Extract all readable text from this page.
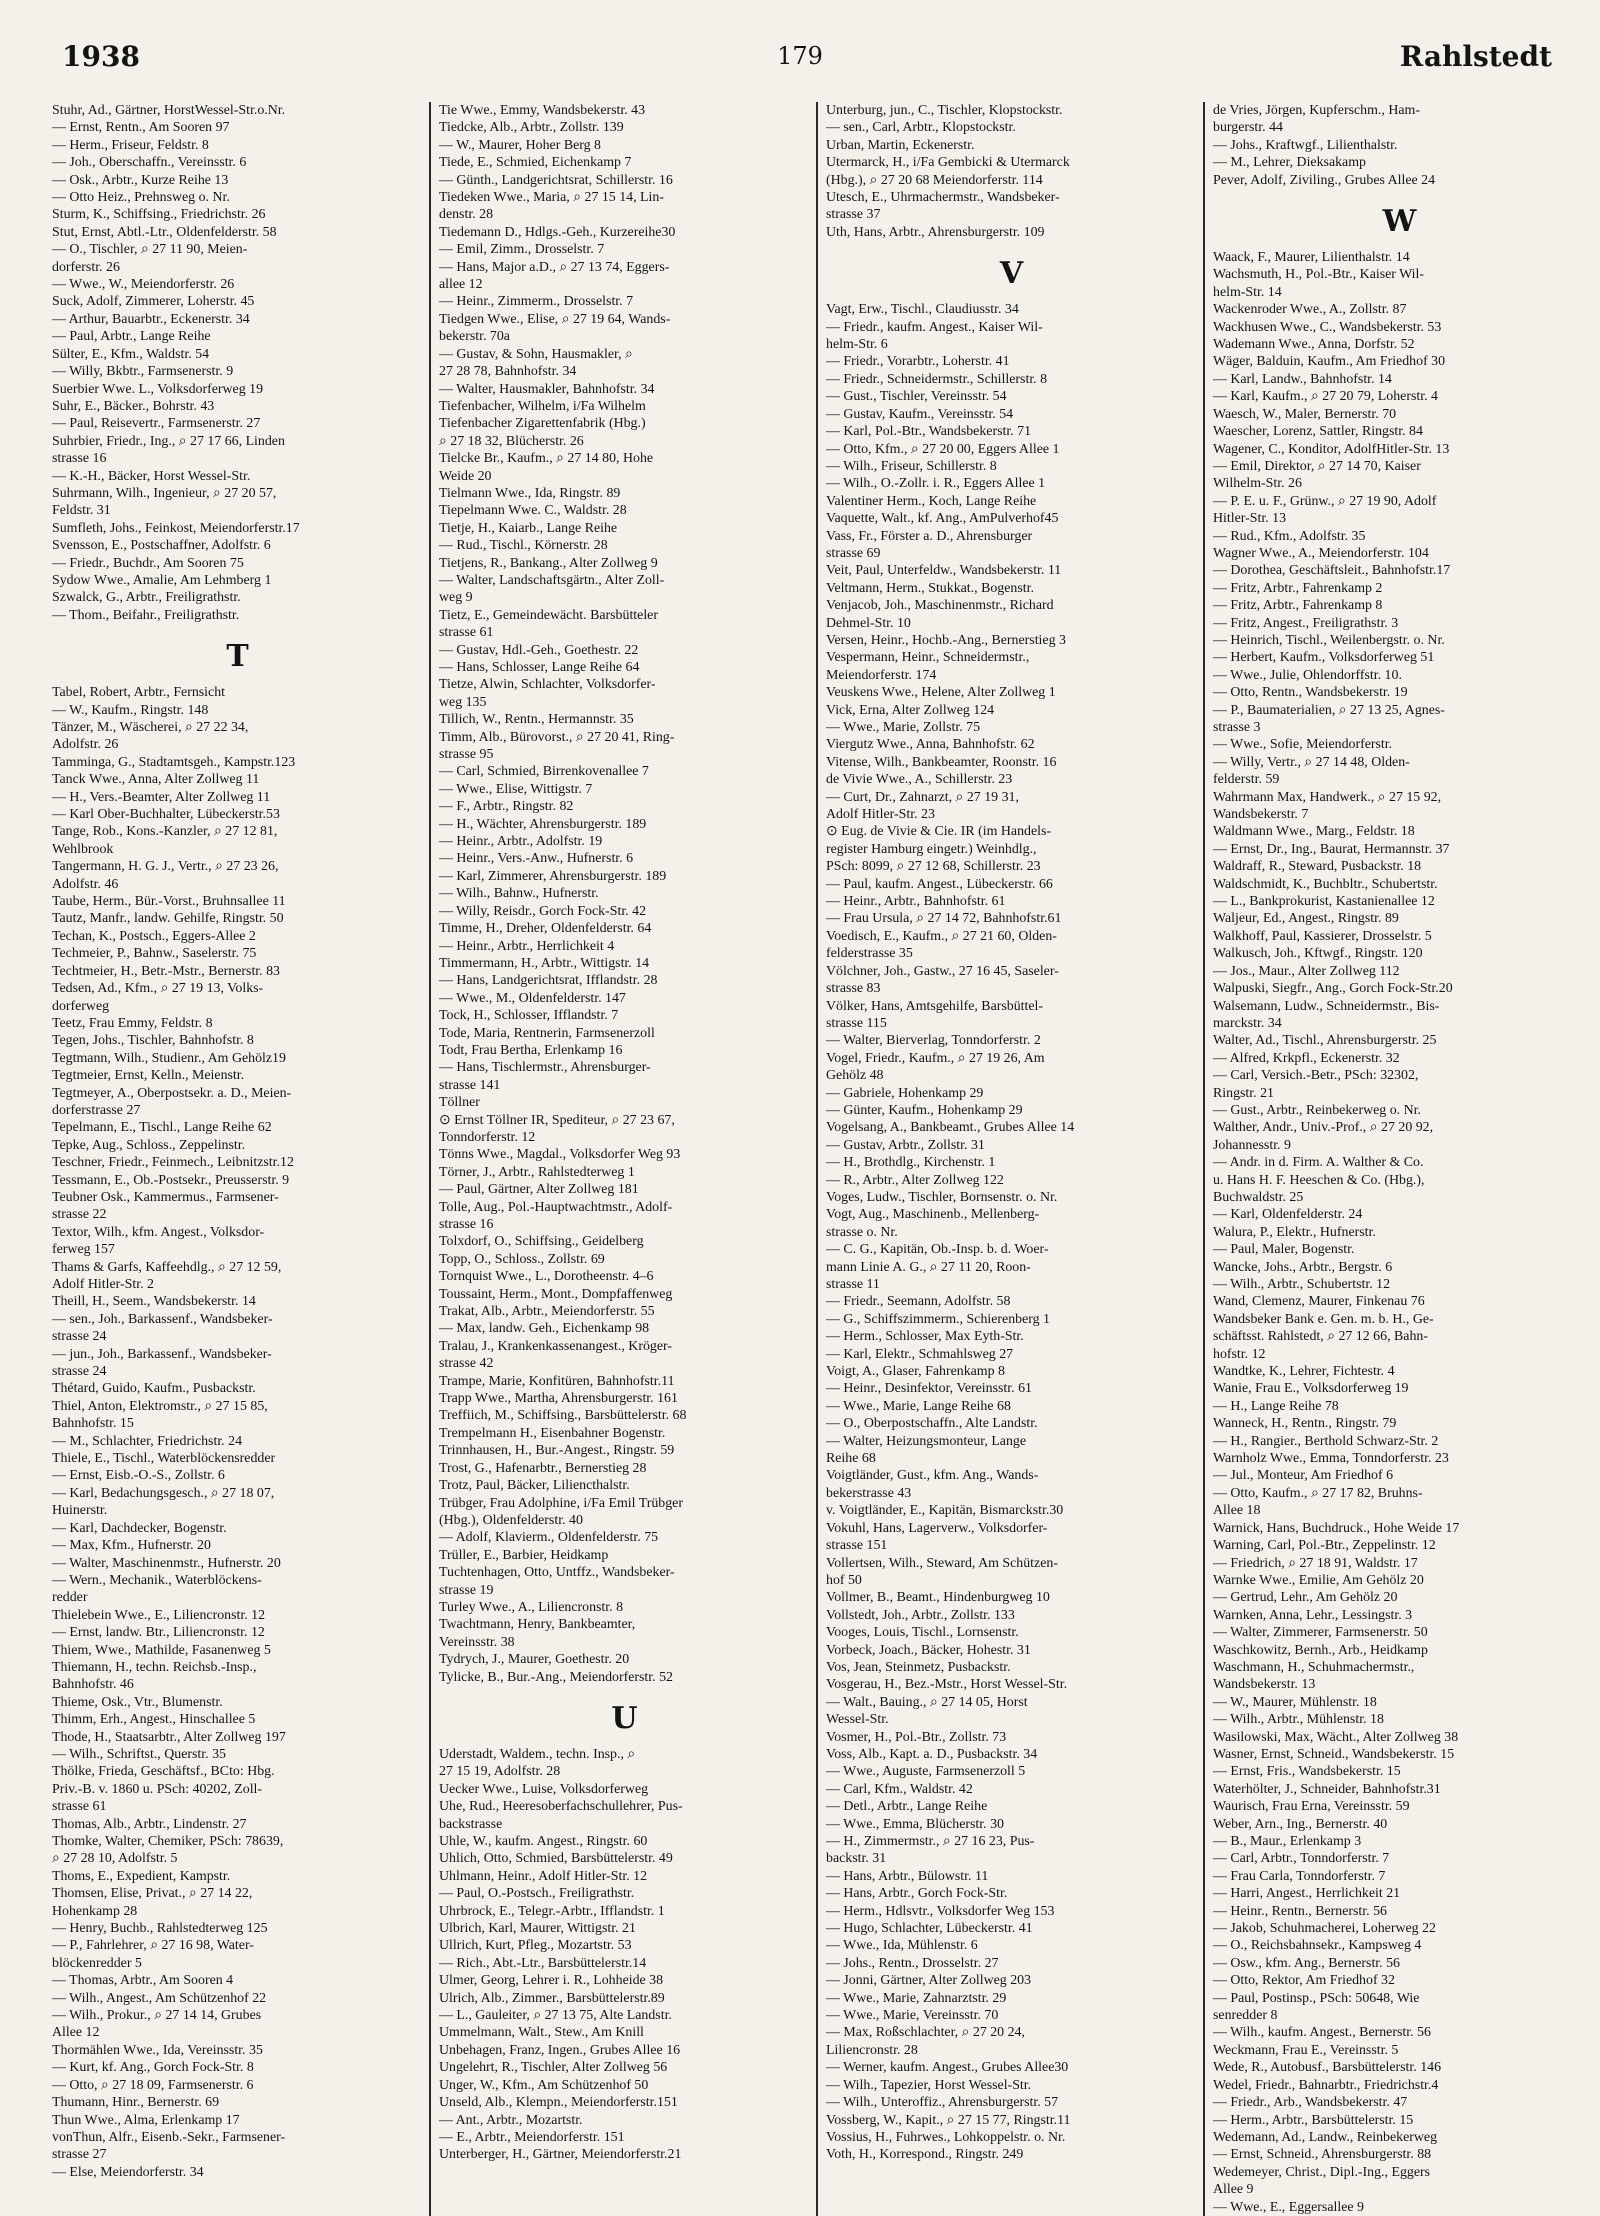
1938	179	Rahlstedt
Stuhr, Ad., Gärtner, HorstWessel-Str.o.Nr.
— Ernst, Rentn., Am Sooren 97
— Herm., Friseur, Feldstr. 8
— Joh., Oberschaffn., Vereinsstr. 6
— Osk., Arbtr., Kurze Reihe 13
— Otto Heiz., Prehnsweg o. Nr.
Sturm, K., Schiffsing., Friedrichstr. 26
Stut, Ernst, Abtl.-Ltr., Oldenfelderstr. 58
— O., Tischler, ⌕ 27 11 90, Meien-
dorferstr. 26
— Wwe., W., Meiendorferstr. 26
Suck, Adolf, Zimmerer, Loherstr. 45
— Arthur, Bauarbtr., Eckenerstr. 34
— Paul, Arbtr., Lange Reihe
Sülter, E., Kfm., Waldstr. 54
— Willy, Bkbtr., Farmsenerstr. 9
Suerbier Wwe. L., Volksdorferweg 19
Suhr, E., Bäcker., Bohrstr. 43
— Paul, Reisevertr., Farmsenerstr. 27
Suhrbier, Friedr., Ing., ⌕ 27 17 66, Linden
strasse 16
— K.-H., Bäcker, Horst Wessel-Str.
Suhrmann, Wilh., Ingenieur, ⌕ 27 20 57,
Feldstr. 31
Sumfleth, Johs., Feinkost, Meiendorferstr.17
Svensson, E., Postschaffner, Adolfstr. 6
— Friedr., Buchdr., Am Sooren 75
Sydow Wwe., Amalie, Am Lehmberg 1
Szwalck, G., Arbtr., Freiligrathstr.
— Thom., Beifahr., Freiligrathstr.
T
Tabel, Robert, Arbtr., Fernsicht
— W., Kaufm., Ringstr. 148
Tänzer, M., Wäscherei, ⌕ 27 22 34,
Adolfstr. 26
Tamminga, G., Stadtamtsgeh., Kampstr.123
Tanck Wwe., Anna, Alter Zollweg 11
— H., Vers.-Beamter, Alter Zollweg 11
— Karl Ober-Buchhalter, Lübeckerstr.53
Tange, Rob., Kons.-Kanzler, ⌕ 27 12 81,
Wehlbrook
Tangermann, H. G. J., Vertr., ⌕ 27 23 26,
Adolfstr. 46
Taube, Herm., Bür.-Vorst., Bruhnsallee 11
Tautz, Manfr., landw. Gehilfe, Ringstr. 50
Techan, K., Postsch., Eggers-Allee 2
Techmeier, P., Bahnw., Saselerstr. 75
Techtmeier, H., Betr.-Mstr., Bernerstr. 83
Tedsen, Ad., Kfm., ⌕ 27 19 13, Volks-
dorferweg
Teetz, Frau Emmy, Feldstr. 8
Tegen, Johs., Tischler, Bahnhofstr. 8
Tegtmann, Wilh., Studienr., Am Gehölz19
Tegtmeier, Ernst, Kelln., Meienstr.
Tegtmeyer, A., Oberpostsekr. a. D., Meien-
dorferstrasse 27
Tepelmann, E., Tischl., Lange Reihe 62
Tepke, Aug., Schloss., Zeppelinstr.
Teschner, Friedr., Feinmech., Leibnitzstr.12
Tessmann, E., Ob.-Postsekr., Preusserstr. 9
Teubner Osk., Kammermus., Farmsener-
strasse 22
Textor, Wilh., kfm. Angest., Volksdor-
ferweg 157
Thams & Garfs, Kaffeehdlg., ⌕ 27 12 59,
Adolf Hitler-Str. 2
Theill, H., Seem., Wandsbekerstr. 14
— sen., Joh., Barkassenf., Wandsbeker-
strasse 24
— jun., Joh., Barkassenf., Wandsbeker-
strasse 24
Thétard, Guido, Kaufm., Pusbackstr.
Thiel, Anton, Elektromstr., ⌕ 27 15 85,
Bahnhofstr. 15
— M., Schlachter, Friedrichstr. 24
Thiele, E., Tischl., Waterblöckensredder
— Ernst, Eisb.-O.-S., Zollstr. 6
— Karl, Bedachungsgesch., ⌕ 27 18 07,
Huinerstr.
— Karl, Dachdecker, Bogenstr.
— Max, Kfm., Hufnerstr. 20
— Walter, Maschinenmstr., Hufnerstr. 20
— Wern., Mechanik., Waterblöckens-
redder
Thielebein Wwe., E., Liliencronstr. 12
— Ernst, landw. Btr., Liliencronstr. 12
Thiem, Wwe., Mathilde, Fasanenweg 5
Thiemann, H., techn. Reichsb.-Insp.,
Bahnhofstr. 46
Thieme, Osk., Vtr., Blumenstr.
Thimm, Erh., Angest., Hinschallee 5
Thode, H., Staatsarbtr., Alter Zollweg 197
— Wilh., Schriftst., Querstr. 35
Thölke, Frieda, Geschäftsf., BCto: Hbg.
Priv.-B. v. 1860 u. PSch: 40202, Zoll-
strasse 61
Thomas, Alb., Arbtr., Lindenstr. 27
Thomke, Walter, Chemiker, PSch: 78639,
⌕ 27 28 10, Adolfstr. 5
Thoms, E., Expedient, Kampstr.
Thomsen, Elise, Privat., ⌕ 27 14 22,
Hohenkamp 28
— Henry, Buchb., Rahlstedterweg 125
— P., Fahrlehrer, ⌕ 27 16 98, Water-
blöckenredder 5
— Thomas, Arbtr., Am Sooren 4
— Wilh., Angest., Am Schützenhof 22
— Wilh., Prokur., ⌕ 27 14 14, Grubes
Allee 12
Thormählen Wwe., Ida, Vereinsstr. 35
— Kurt, kf. Ang., Gorch Fock-Str. 8
— Otto, ⌕ 27 18 09, Farmsenerstr. 6
Thumann, Hinr., Bernerstr. 69
Thun Wwe., Alma, Erlenkamp 17
vonThun, Alfr., Eisenb.-Sekr., Farmsener-
strasse 27
— Else, Meiendorferstr. 34
Tie Wwe., Emmy, Wandsbekerstr. 43
Tiedcke, Alb., Arbtr., Zollstr. 139
— W., Maurer, Hoher Berg 8
Tiede, E., Schmied, Eichenkamp 7
— Günth., Landgerichtsrat, Schillerstr. 16
Tiedeken Wwe., Maria, ⌕ 27 15 14, Lin-
denstr. 28
Tiedemann D., Hdlgs.-Geh., Kurzereihe30
— Emil, Zimm., Drosselstr. 7
— Hans, Major a.D., ⌕ 27 13 74, Eggers-
allee 12
— Heinr., Zimmerm., Drosselstr. 7
Tiedgen Wwe., Elise, ⌕ 27 19 64, Wands-
bekerstr. 70a
— Gustav, & Sohn, Hausmakler, ⌕
27 28 78, Bahnhofstr. 34
— Walter, Hausmakler, Bahnhofstr. 34
Tiefenbacher, Wilhelm, i/Fa Wilhelm
Tiefenbacher Zigarettenfabrik (Hbg.)
⌕ 27 18 32, Blücherstr. 26
Tielcke Br., Kaufm., ⌕ 27 14 80, Hohe
Weide 20
Tielmann Wwe., Ida, Ringstr. 89
Tiepelmann Wwe. C., Waldstr. 28
Tietje, H., Kaiarb., Lange Reihe
— Rud., Tischl., Körnerstr. 28
Tietjens, R., Bankang., Alter Zollweg 9
— Walter, Landschaftsgärtn., Alter Zoll-
weg 9
Tietz, E., Gemeindewächt. Barsbütteler
strasse 61
— Gustav, Hdl.-Geh., Goethestr. 22
— Hans, Schlosser, Lange Reihe 64
Tietze, Alwin, Schlachter, Volksdorfer-
weg 135
Tillich, W., Rentn., Hermannstr. 35
Timm, Alb., Bürovorst., ⌕ 27 20 41, Ring-
strasse 95
— Carl, Schmied, Birrenkovenallee 7
— Wwe., Elise, Wittigstr. 7
— F., Arbtr., Ringstr. 82
— H., Wächter, Ahrensburgerstr. 189
— Heinr., Arbtr., Adolfstr. 19
— Heinr., Vers.-Anw., Hufnerstr. 6
— Karl, Zimmerer, Ahrensburgerstr. 189
— Wilh., Bahnw., Hufnerstr.
— Willy, Reisdr., Gorch Fock-Str. 42
Timme, H., Dreher, Oldenfelderstr. 64
— Heinr., Arbtr., Herrlichkeit 4
Timmermann, H., Arbtr., Wittigstr. 14
— Hans, Landgerichtsrat, Ifflandstr. 28
— Wwe., M., Oldenfelderstr. 147
Tock, H., Schlosser, Ifflandstr. 7
Tode, Maria, Rentnerin, Farmsenerzoll
Todt, Frau Bertha, Erlenkamp 16
— Hans, Tischlermstr., Ahrensburger-
strasse 141
Töllner
⊙ Ernst Töllner IR, Spediteur, ⌕ 27 23 67,
Tonndorferstr. 12
Tönns Wwe., Magdal., Volksdorfer Weg 93
Törner, J., Arbtr., Rahlstedterweg 1
— Paul, Gärtner, Alter Zollweg 181
Tolle, Aug., Pol.-Hauptwachtmstr., Adolf-
strasse 16
Tolxdorf, O., Schiffsing., Geidelberg
Topp, O., Schloss., Zollstr. 69
Tornquist Wwe., L., Dorotheenstr. 4–6
Toussaint, Herm., Mont., Dompfaffenweg
Trakat, Alb., Arbtr., Meiendorferstr. 55
— Max, landw. Geh., Eichenkamp 98
Tralau, J., Krankenkassenangest., Kröger-
strasse 42
Trampe, Marie, Konfitüren, Bahnhofstr.11
Trapp Wwe., Martha, Ahrensburgerstr. 161
Treffiich, M., Schiffsing., Barsbüttelerstr. 68
Trempelmann H., Eisenbahner Bogenstr.
Trinnhausen, H., Bur.-Angest., Ringstr. 59
Trost, G., Hafenarbtr., Bernerstieg 28
Trotz, Paul, Bäcker, Liliencthalstr.
Trübger, Frau Adolphine, i/Fa Emil Trübger
(Hbg.), Oldenfelderstr. 40
— Adolf, Klavierm., Oldenfelderstr. 75
Trüller, E., Barbier, Heidkamp
Tuchtenhagen, Otto, Untffz., Wandsbeker-
strasse 19
Turley Wwe., A., Liliencronstr. 8
Twachtmann, Henry, Bankbeamter,
Vereinsstr. 38
Tydrych, J., Maurer, Goethestr. 20
Tylicke, B., Bur.-Ang., Meiendorferstr. 52
U
Uderstadt, Waldem., techn. Insp., ⌕
27 15 19, Adolfstr. 28
Uecker Wwe., Luise, Volksdorferweg
Uhe, Rud., Heeresoberfachschullehrer, Pus-
backstrasse
Uhle, W., kaufm. Angest., Ringstr. 60
Uhlich, Otto, Schmied, Barsbüttelerstr. 49
Uhlmann, Heinr., Adolf Hitler-Str. 12
— Paul, O.-Postsch., Freiligrathstr.
Uhrbrock, E., Telegr.-Arbtr., Ifflandstr. 1
Ulbrich, Karl, Maurer, Wittigstr. 21
Ullrich, Kurt, Pfleg., Mozartstr. 53
— Rich., Abt.-Ltr., Barsbüttelerstr.14
Ulmer, Georg, Lehrer i. R., Lohheide 38
Ulrich, Alb., Zimmer., Barsbüttelerstr.89
— L., Gauleiter, ⌕ 27 13 75, Alte Landstr.
Ummelmann, Walt., Stew., Am Knill
Unbehagen, Franz, Ingen., Grubes Allee 16
Ungelehrt, R., Tischler, Alter Zollweg 56
Unger, W., Kfm., Am Schützenhof 50
Unseld, Alb., Klempn., Meiendorferstr.151
— Ant., Arbtr., Mozartstr.
— E., Arbtr., Meiendorferstr. 151
Unterberger, H., Gärtner, Meiendorferstr.21
Unterburg, jun., C., Tischler, Klopstockstr.
— sen., Carl, Arbtr., Klopstockstr.
Urban, Martin, Eckenerstr.
Utermarck, H., i/Fa Gembicki & Utermarck
(Hbg.), ⌕ 27 20 68 Meiendorferstr. 114
Utesch, E., Uhrmachermstr., Wandsbeker-
strasse 37
Uth, Hans, Arbtr., Ahrensburgerstr. 109
V
Vagt, Erw., Tischl., Claudiusstr. 34
— Friedr., kaufm. Angest., Kaiser Wil-
helm-Str. 6
— Friedr., Vorarbtr., Loherstr. 41
— Friedr., Schneidermstr., Schillerstr. 8
— Gust., Tischler, Vereinsstr. 54
— Gustav, Kaufm., Vereinsstr. 54
— Karl, Pol.-Btr., Wandsbekerstr. 71
— Otto, Kfm., ⌕ 27 20 00, Eggers Allee 1
— Wilh., Friseur, Schillerstr. 8
— Wilh., O.-Zollr. i. R., Eggers Allee 1
Valentiner Herm., Koch, Lange Reihe
Vaquette, Walt., kf. Ang., AmPulverhof45
Vass, Fr., Förster a. D., Ahrensburger
strasse 69
Veit, Paul, Unterfeldw., Wandsbekerstr. 11
Veltmann, Herm., Stukkat., Bogenstr.
Venjacob, Joh., Maschinenmstr., Richard
Dehmel-Str. 10
Versen, Heinr., Hochb.-Ang., Bernerstieg 3
Vespermann, Heinr., Schneidermstr.,
Meiendorferstr. 174
Veuskens Wwe., Helene, Alter Zollweg 1
Vick, Erna, Alter Zollweg 124
— Wwe., Marie, Zollstr. 75
Viergutz Wwe., Anna, Bahnhofstr. 62
Vitense, Wilh., Bankbeamter, Roonstr. 16
de Vivie Wwe., A., Schillerstr. 23
— Curt, Dr., Zahnarzt, ⌕ 27 19 31,
Adolf Hitler-Str. 23
⊙ Eug. de Vivie & Cie. IR (im Handels-
register Hamburg eingetr.) Weinhdlg.,
PSch: 8099, ⌕ 27 12 68, Schillerstr. 23
— Paul, kaufm. Angest., Lübeckerstr. 66
— Heinr., Arbtr., Bahnhofstr. 61
— Frau Ursula, ⌕ 27 14 72, Bahnhofstr.61
Voedisch, E., Kaufm., ⌕ 27 21 60, Olden-
felderstrasse 35
Völchner, Joh., Gastw., 27 16 45, Saseler-
strasse 83
Völker, Hans, Amtsgehilfe, Barsbüttel-
strasse 115
— Walter, Bierverlag, Tonndorferstr. 2
Vogel, Friedr., Kaufm., ⌕ 27 19 26, Am
Gehölz 48
— Gabriele, Hohenkamp 29
— Günter, Kaufm., Hohenkamp 29
Vogelsang, A., Bankbeamt., Grubes Allee 14
— Gustav, Arbtr., Zollstr. 31
— H., Brothdlg., Kirchenstr. 1
— R., Arbtr., Alter Zollweg 122
Voges, Ludw., Tischler, Bornsenstr. o. Nr.
Vogt, Aug., Maschinenb., Mellenberg-
strasse o. Nr.
— C. G., Kapitän, Ob.-Insp. b. d. Woer-
mann Linie A. G., ⌕ 27 11 20, Roon-
strasse 11
— Friedr., Seemann, Adolfstr. 58
— G., Schiffszimmerm., Schierenberg 1
— Herm., Schlosser, Max Eyth-Str.
— Karl, Elektr., Schmahlsweg 27
Voigt, A., Glaser, Fahrenkamp 8
— Heinr., Desinfektor, Vereinsstr. 61
— Wwe., Marie, Lange Reihe 68
— O., Oberpostschaffn., Alte Landstr.
— Walter, Heizungsmonteur, Lange
Reihe 68
Voigtländer, Gust., kfm. Ang., Wands-
bekerstrasse 43
v. Voigtländer, E., Kapitän, Bismarckstr.30
Vokuhl, Hans, Lagerverw., Volksdorfer-
strasse 151
Vollertsen, Wilh., Steward, Am Schützen-
hof 50
Vollmer, B., Beamt., Hindenburgweg 10
Vollstedt, Joh., Arbtr., Zollstr. 133
Vooges, Louis, Tischl., Lornsenstr.
Vorbeck, Joach., Bäcker, Hohestr. 31
Vos, Jean, Steinmetz, Pusbackstr.
Vosgerau, H., Bez.-Mstr., Horst Wessel-Str.
— Walt., Bauing., ⌕ 27 14 05, Horst
Wessel-Str.
Vosmer, H., Pol.-Btr., Zollstr. 73
Voss, Alb., Kapt. a. D., Pusbackstr. 34
— Wwe., Auguste, Farmsenerzoll 5
— Carl, Kfm., Waldstr. 42
— Detl., Arbtr., Lange Reihe
— Wwe., Emma, Blücherstr. 30
— H., Zimmermstr., ⌕ 27 16 23, Pus-
backstr. 31
— Hans, Arbtr., Bülowstr. 11
— Hans, Arbtr., Gorch Fock-Str.
— Herm., Hdlsvtr., Volksdorfer Weg 153
— Hugo, Schlachter, Lübeckerstr. 41
— Wwe., Ida, Mühlenstr. 6
— Johs., Rentn., Drosselstr. 27
— Jonni, Gärtner, Alter Zollweg 203
— Wwe., Marie, Zahnarztstr. 29
— Wwe., Marie, Vereinsstr. 70
— Max, Roßschlachter, ⌕ 27 20 24,
Liliencronstr. 28
— Werner, kaufm. Angest., Grubes Allee30
— Wilh., Tapezier, Horst Wessel-Str.
— Wilh., Unteroffiz., Ahrensburgerstr. 57
Vossberg, W., Kapit., ⌕ 27 15 77, Ringstr.11
Vossius, H., Fuhrwes., Lohkoppelstr. o. Nr.
Voth, H., Korrespond., Ringstr. 249
de Vries, Jörgen, Kupferschm., Ham-
burgerstr. 44
— Johs., Kraftwgf., Lilienthalstr.
— M., Lehrer, Dieksakamp
Pever, Adolf, Ziviling., Grubes Allee 24
W
Waack, F., Maurer, Lilienthalstr. 14
Wachsmuth, H., Pol.-Btr., Kaiser Wil-
helm-Str. 14
Wackenroder Wwe., A., Zollstr. 87
Wackhusen Wwe., C., Wandsbekerstr. 53
Wademann Wwe., Anna, Dorfstr. 52
Wäger, Balduin, Kaufm., Am Friedhof 30
— Karl, Landw., Bahnhofstr. 14
— Karl, Kaufm., ⌕ 27 20 79, Loherstr. 4
Waesch, W., Maler, Bernerstr. 70
Waescher, Lorenz, Sattler, Ringstr. 84
Wagener, C., Konditor, AdolfHitler-Str. 13
— Emil, Direktor, ⌕ 27 14 70, Kaiser
Wilhelm-Str. 26
— P. E. u. F., Grünw., ⌕ 27 19 90, Adolf
Hitler-Str. 13
— Rud., Kfm., Adolfstr. 35
Wagner Wwe., A., Meiendorferstr. 104
— Dorothea, Geschäftsleit., Bahnhofstr.17
— Fritz, Arbtr., Fahrenkamp 2
— Fritz, Arbtr., Fahrenkamp 8
— Fritz, Angest., Freiligrathstr. 3
— Heinrich, Tischl., Weilenbergstr. o. Nr.
— Herbert, Kaufm., Volksdorferweg 51
— Wwe., Julie, Ohlendorffstr. 10.
— Otto, Rentn., Wandsbekerstr. 19
— P., Baumaterialien, ⌕ 27 13 25, Agnes-
strasse 3
— Wwe., Sofie, Meiendorferstr.
— Willy, Vertr., ⌕ 27 14 48, Olden-
felderstr. 59
Wahrmann Max, Handwerk., ⌕ 27 15 92,
Wandsbekerstr. 7
Waldmann Wwe., Marg., Feldstr. 18
— Ernst, Dr., Ing., Baurat, Hermannstr. 37
Waldraff, R., Steward, Pusbackstr. 18
Waldschmidt, K., Buchbltr., Schubertstr.
— L., Bankprokurist, Kastanienallee 12
Waljeur, Ed., Angest., Ringstr. 89
Walkhoff, Paul, Kassierer, Drosselstr. 5
Walkusch, Joh., Kftwgf., Ringstr. 120
— Jos., Maur., Alter Zollweg 112
Walpuski, Siegfr., Ang., Gorch Fock-Str.20
Walsemann, Ludw., Schneidermstr., Bis-
marckstr. 34
Walter, Ad., Tischl., Ahrensburgerstr. 25
— Alfred, Krkpfl., Eckenerstr. 32
— Carl, Versich.-Betr., PSch: 32302,
Ringstr. 21
— Gust., Arbtr., Reinbekerweg o. Nr.
Walther, Andr., Univ.-Prof., ⌕ 27 20 92,
Johannesstr. 9
— Andr. in d. Firm. A. Walther & Co.
u. Hans H. F. Heeschen & Co. (Hbg.),
Buchwaldstr. 25
— Karl, Oldenfelderstr. 24
Walura, P., Elektr., Hufnerstr.
— Paul, Maler, Bogenstr.
Wancke, Johs., Arbtr., Bergstr. 6
— Wilh., Arbtr., Schubertstr. 12
Wand, Clemenz, Maurer, Finkenau 76
Wandsbeker Bank e. Gen. m. b. H., Ge-
schäftsst. Rahlstedt, ⌕ 27 12 66, Bahn-
hofstr. 12
Wandtke, K., Lehrer, Fichtestr. 4
Wanie, Frau E., Volksdorferweg 19
— H., Lange Reihe 78
Wanneck, H., Rentn., Ringstr. 79
— H., Rangier., Berthold Schwarz-Str. 2
Warnholz Wwe., Emma, Tonndorferstr. 23
— Jul., Monteur, Am Friedhof 6
— Otto, Kaufm., ⌕ 27 17 82, Bruhns-
Allee 18
Warnick, Hans, Buchdruck., Hohe Weide 17
Warning, Carl, Pol.-Btr., Zeppelinstr. 12
— Friedrich, ⌕ 27 18 91, Waldstr. 17
Warnke Wwe., Emilie, Am Gehölz 20
— Gertrud, Lehr., Am Gehölz 20
Warnken, Anna, Lehr., Lessingstr. 3
— Walter, Zimmerer, Farmsenerstr. 50
Waschkowitz, Bernh., Arb., Heidkamp
Waschmann, H., Schuhmachermstr.,
Wandsbekerstr. 13
— W., Maurer, Mühlenstr. 18
— Wilh., Arbtr., Mühlenstr. 18
Wasilowski, Max, Wächt., Alter Zollweg 38
Wasner, Ernst, Schneid., Wandsbekerstr. 15
— Ernst, Fris., Wandsbekerstr. 15
Waterhölter, J., Schneider, Bahnhofstr.31
Waurisch, Frau Erna, Vereinsstr. 59
Weber, Arn., Ing., Bernerstr. 40
— B., Maur., Erlenkamp 3
— Carl, Arbtr., Tonndorferstr. 7
— Frau Carla, Tonndorferstr. 7
— Harri, Angest., Herrlichkeit 21
— Heinr., Rentn., Bernerstr. 56
— Jakob, Schuhmacherei, Loherweg 22
— O., Reichsbahnsekr., Kampsweg 4
— Osw., kfm. Ang., Bernerstr. 56
— Otto, Rektor, Am Friedhof 32
— Paul, Postinsp., PSch: 50648, Wie
senredder 8
— Wilh., kaufm. Angest., Bernerstr. 56
Weckmann, Frau E., Vereinsstr. 5
Wede, R., Autobusf., Barsbüttelerstr. 146
Wedel, Friedr., Bahnarbtr., Friedrichstr.4
— Friedr., Arb., Wandsbekerstr. 47
— Herm., Arbtr., Barsbüttelerstr. 15
Wedemann, Ad., Landw., Reinbekerweg
— Ernst, Schneid., Ahrensburgerstr. 88
Wedemeyer, Christ., Dipl.-Ing., Eggers
Allee 9
— Wwe., E., Eggersallee 9
